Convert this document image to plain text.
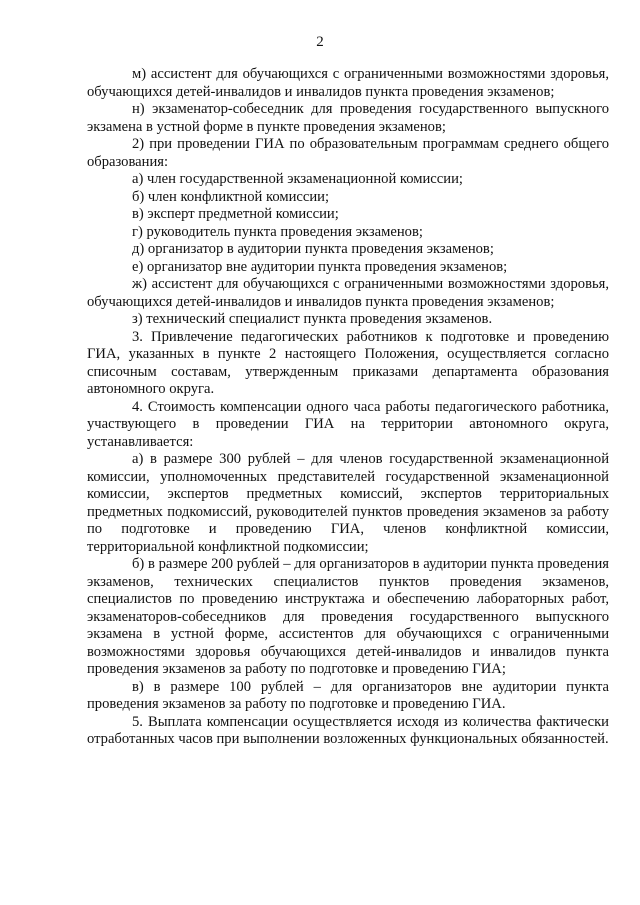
2

м) ассистент для обучающихся с ограниченными возможностями здоровья, обучающихся детей-инвалидов и инвалидов пункта проведения экзаменов;

н) экзаменатор-собеседник для проведения государственного выпускного экзамена в устной форме в пункте проведения экзаменов;

2) при проведении ГИА по образовательным программам среднего общего образования:

а) член государственной экзаменационной комиссии;

б) член конфликтной комиссии;

в) эксперт предметной комиссии;

г) руководитель пункта проведения экзаменов;

д) организатор в аудитории пункта проведения экзаменов;

е) организатор вне аудитории пункта проведения экзаменов;

ж) ассистент для обучающихся с ограниченными возможностями здоровья, обучающихся детей-инвалидов и инвалидов пункта проведения экзаменов;

з) технический специалист пункта проведения экзаменов.

3. Привлечение педагогических работников к подготовке и проведению ГИА, указанных в пункте 2 настоящего Положения, осуществляется согласно списочным составам, утвержденным приказами департамента образования автономного округа.

4. Стоимость компенсации одного часа работы педагогического работника, участвующего в проведении ГИА на территории автономного округа, устанавливается:

а) в размере 300 рублей – для членов государственной экзаменационной комиссии, уполномоченных представителей государственной экзаменационной комиссии, экспертов предметных комиссий, экспертов территориальных предметных подкомиссий, руководителей пунктов проведения экзаменов за работу по подготовке и проведению ГИА, членов конфликтной комиссии, территориальной конфликтной подкомиссии;

б) в размере 200 рублей – для организаторов в аудитории пункта проведения экзаменов, технических специалистов пунктов проведения экзаменов, специалистов по проведению инструктажа и обеспечению лабораторных работ, экзаменаторов-собеседников для проведения государственного выпускного экзамена в устной форме, ассистентов для обучающихся с ограниченными возможностями здоровья обучающихся детей-инвалидов и инвалидов пункта проведения экзаменов за работу по подготовке и проведению ГИА;

в) в размере 100 рублей – для организаторов вне аудитории пункта проведения экзаменов за работу по подготовке и проведению ГИА.

5. Выплата компенсации осуществляется исходя из количества фактически отработанных часов при выполнении возложенных функциональных обязанностей.
